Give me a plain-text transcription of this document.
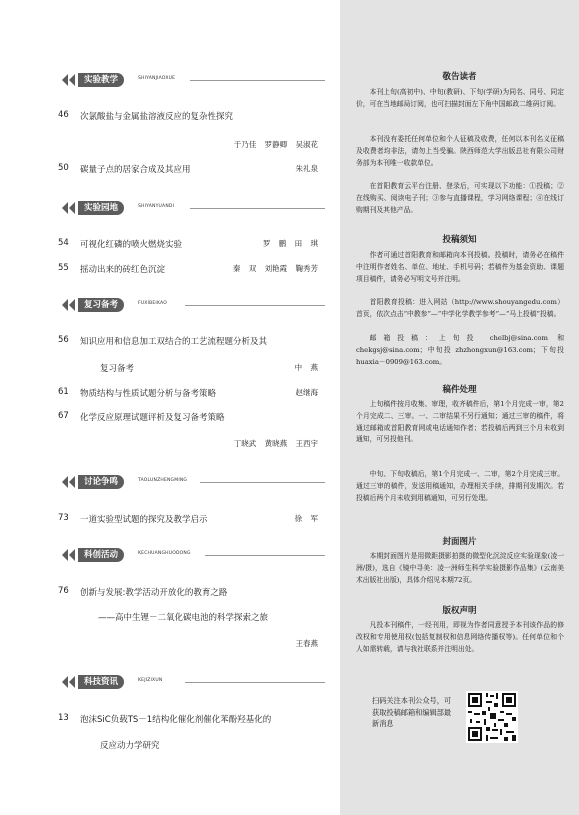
实验教学	SHIYANJIAOXUE
46 次氯酸盐与金属盐溶液反应的复杂性探究
于乃佳 罗静卿 吴淑花
50 碳量子点的居家合成及其应用	朱礼泉
实验园地	SHIYANYUANDI
54 可视化红磷的喷火燃烧实验	罗 鹏 田 琪
55 摇动出来的砖红色沉淀	秦 双 刘艳霞 鞠秀芳
复习备考	FUXIBEIKAO
56 知识应用和信息加工双结合的工艺流程题分析及其
复习备考	中 燕
61 物质结构与性质试题分析与备考策略	赵继海
67 化学反应原理试题评析及复习备考策略
丁晓武 黄晓燕 王西宇
讨论争鸣	TAOLUNZHENGMING
73 一道实验型试题的探究及教学启示	徐 军
科创活动	KECHUANGHUODONG
76 创新与发展:教学活动开放化的教育之路
——高中生锂－二氧化碳电池的科学探索之旅
王春燕
科技资讯	KEJIZIXUN
13 泡沫SiC负载TS－1结构化催化剂催化苯酚羟基化的
反应动力学研究
敬告读者
本刊上旬(高初中)、中旬(教研)、下旬(学研)为同名、同号、同定价，可在当地邮局订阅，也可扫描封面左下角中国邮政二维码订阅。
本刊没有委托任何单位和个人征稿及收费，任何以本刊名义征稿及收费者均非法，请勿上当受骗。陕西师范大学出版总社有限公司财务部为本刊唯一收款单位。
在首阳教育云平台注册、登录后，可实现以下功能：①投稿；②在线购买、阅读电子刊；③参与直播课程，学习网络课程；④在线订购期刊及其他产品。
投稿须知
作者可通过首阳教育和邮箱向本刊投稿。投稿时，请务必在稿件中注明作者姓名、单位、地址、手机号码；若稿件为基金资助、课题项目稿件，请务必写明文号并注明。
首阳教育投稿：进入网站（http://www.shouyangedu.com）首页，依次点击“中教参”—“中学化学教学参考”—“马上投稿”投稿。
邮箱投稿：上旬投 chelbj@sina.com 和 chekgsj@sina.com；中旬投 zhzhongxun@163.com；下旬投 huaxia－0909@163.com。
稿件处理
上旬稿件按月收集、审理，收齐稿件后，第1个月完成一审，第2个月完成二、三审。一、二审结果不另行通知；通过三审的稿件，将通过邮箱或首阳教育网或电话通知作者；若投稿后两到三个月未收到通知，可另投他刊。
中旬、下旬收稿后，第1个月完成一、二审，第2个月完成三审。通过三审的稿件，发送用稿通知，办理相关手续，排期刊发期次。若投稿后两个月未收到用稿通知，可另行处理。
封面图片
本期封面图片是用微距摄影拍摄的微型化沉淀反应实验现象(凌一洲/摄)，选自《镜中寻美：凌一洲师生科学实验摄影作品集》(云南美术出版社出版)，具体介绍见本期72页。
版权声明
凡投本刊稿件，一经刊用，即视为作者同意授予本刊该作品的修改权和专用使用权(包括复制权和信息网络传播权等)。任何单位和个人如需转载，请与我社联系并注明出处。
扫码关注本刊公众号，可获取投稿邮箱和编辑部最新消息
